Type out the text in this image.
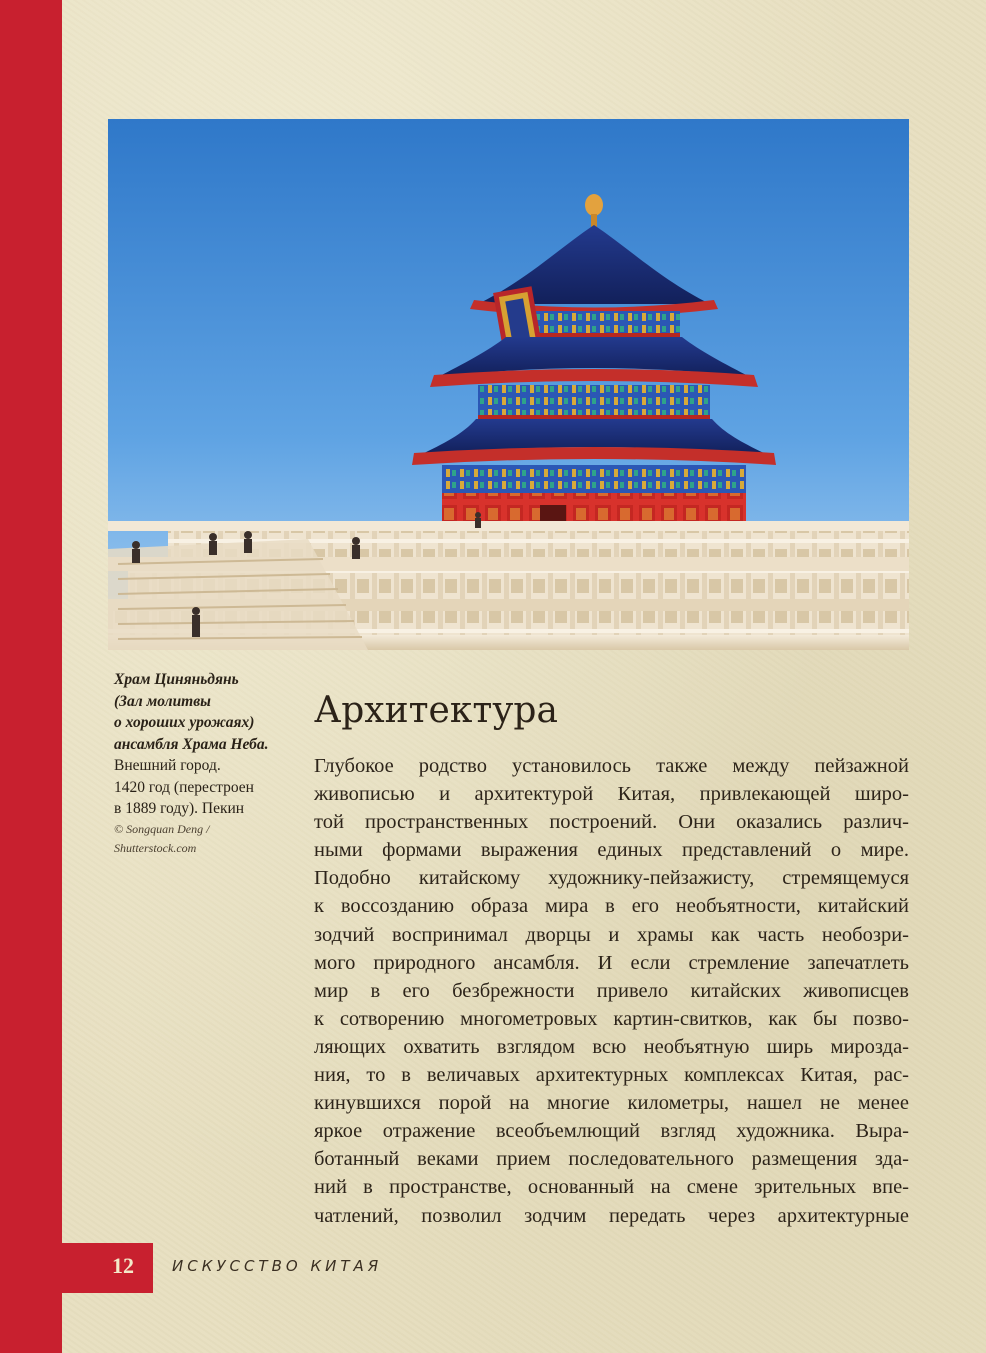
12	ИСКУССТВО КИТАЯ
Храм Циняньдянь
(Зал молитвы
о хороших урожаях)
ансамбля Храма Неба.
Внешний город.
1420 год (перестроен
в 1889 году). Пекин
© Songquan Deng /
Shutterstock.com
Архитектура
Глубокое родство установилось также между пейзажной
живописью и архитектурой Китая, привлекающей широ-
той пространственных построений. Они оказались различ-
ными формами выражения единых представлений о мире.
Подобно китайскому художнику-пейзажисту, стремящемуся
к воссозданию образа мира в его необъятности, китайский
зодчий воспринимал дворцы и храмы как часть необозри-
мого природного ансамбля. И если стремление запечатлеть
мир в его безбрежности привело китайских живописцев
к сотворению многометровых картин-свитков, как бы позво-
ляющих охватить взглядом всю необъятную ширь мирозда-
ния, то в величавых архитектурных комплексах Китая, рас-
кинувшихся порой на многие километры, нашел не менее
яркое отражение всеобъемлющий взгляд художника. Выра-
ботанный веками прием последовательного размещения зда-
ний в пространстве, основанный на смене зрительных впе-
чатлений, позволил зодчим передать через архитектурные
